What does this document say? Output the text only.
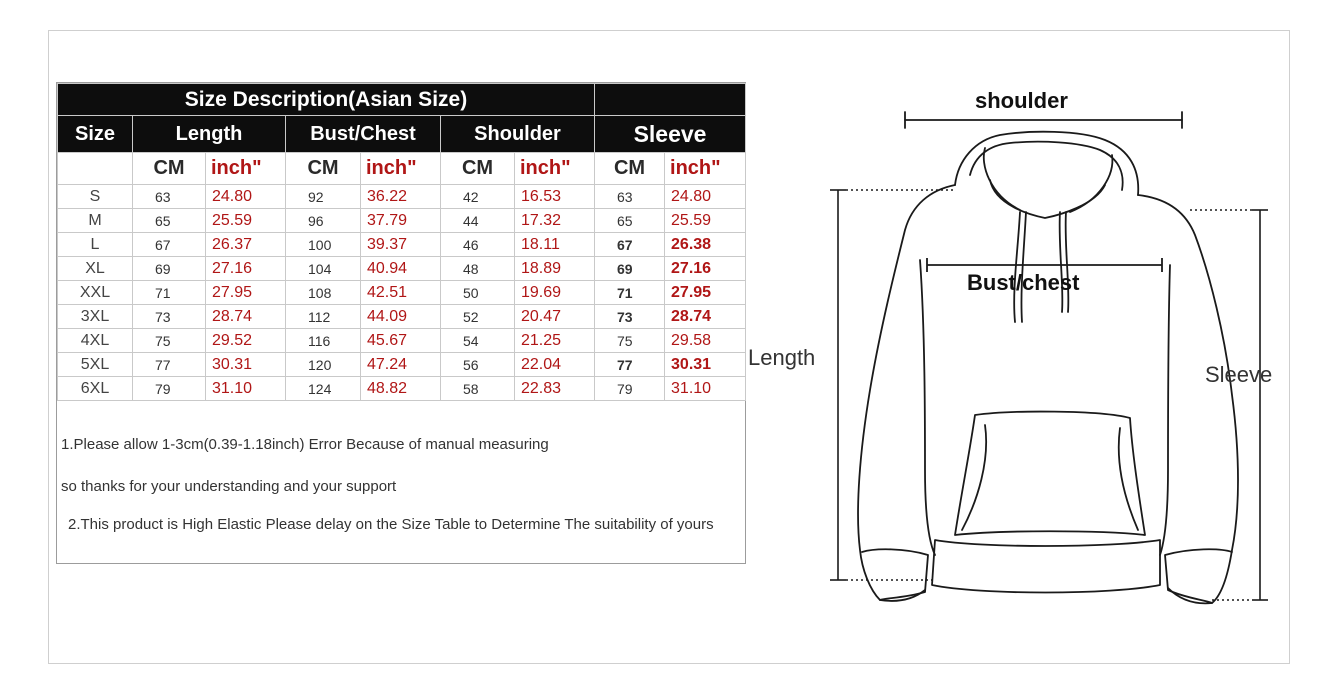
Size Description(Asian Size)								
Size	Length		Bust/Chest		Shoulder		Sleeve	
	CM	inch"	CM	inch"	CM	inch"	CM	inch"
S	63	24.80	92	36.22	42	16.53	63	24.80
M	65	25.59	96	37.79	44	17.32	65	25.59
L	67	26.37	100	39.37	46	18.11	67	26.38
XL	69	27.16	104	40.94	48	18.89	69	27.16
XXL	71	27.95	108	42.51	50	19.69	71	27.95
3XL	73	28.74	112	44.09	52	20.47	73	28.74
4XL	75	29.52	116	45.67	54	21.25	75	29.58
5XL	77	30.31	120	47.24	56	22.04	77	30.31
6XL	79	31.10	124	48.82	58	22.83	79	31.10
1.Please allow 1-3cm(0.39-1.18inch) Error Because of manual measuring
so thanks for your understanding and your support
2.This product is High Elastic Please delay on the Size Table to Determine The suitability of yours
shoulder
Bust/chest
Length
Sleeve
